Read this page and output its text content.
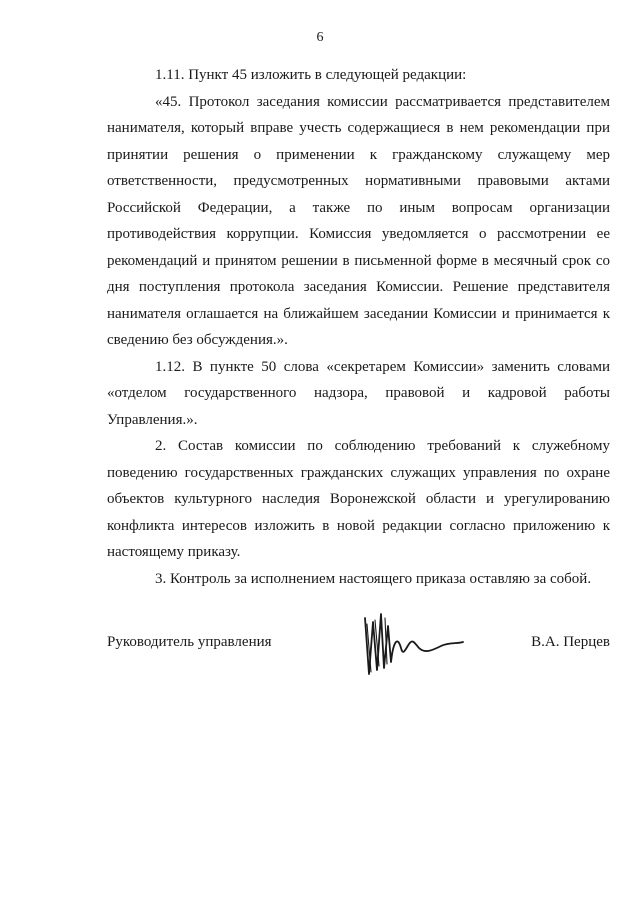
6

1.11. Пункт 45 изложить в следующей редакции:

«45. Протокол заседания комиссии рассматривается представителем нанимателя, который вправе учесть содержащиеся в нем рекомендации при принятии решения о применении к гражданскому служащему мер ответственности, предусмотренных нормативными правовыми актами Российской Федерации, а также по иным вопросам организации противодействия коррупции. Комиссия уведомляется о рассмотрении ее рекомендаций и принятом решении в письменной форме в месячный срок со дня поступления протокола заседания Комиссии. Решение представителя нанимателя оглашается на ближайшем заседании Комиссии и принимается к сведению без обсуждения.».

1.12. В пункте 50 слова «секретарем Комиссии» заменить словами «отделом государственного надзора, правовой и кадровой работы Управления.».

2. Состав комиссии по соблюдению требований к служебному поведению государственных гражданских служащих управления по охране объектов культурного наследия Воронежской области и урегулированию конфликта интересов изложить в новой редакции согласно приложению к настоящему приказу.

3. Контроль за исполнением настоящего приказа оставляю за собой.

Руководитель управления	В.А. Перцев
